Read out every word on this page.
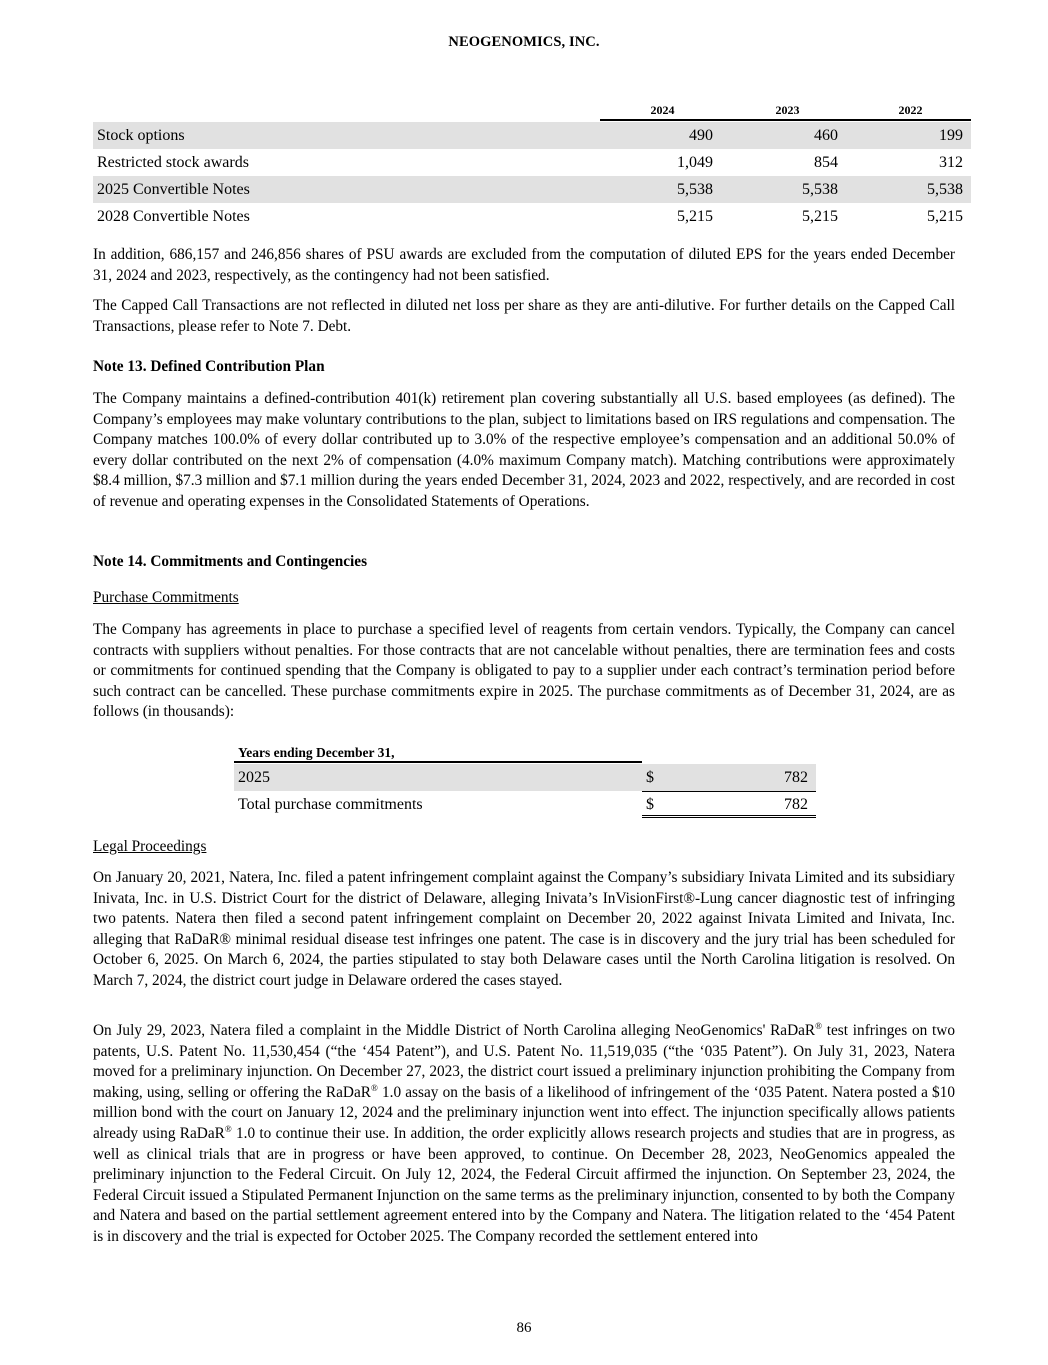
NEOGENOMICS, INC.
2024	2023	2022
Stock options	490	460	199
Restricted stock awards	1,049	854	312
2025 Convertible Notes	5,538	5,538	5,538
2028 Convertible Notes	5,215	5,215	5,215

In addition, 686,157 and 246,856 shares of PSU awards are excluded from the computation of diluted EPS for the years ended December 31, 2024 and 2023, respectively, as the contingency had not been satisfied.

The Capped Call Transactions are not reflected in diluted net loss per share as they are anti-dilutive. For further details on the Capped Call Transactions, please refer to Note 7. Debt.

Note 13. Defined Contribution Plan

The Company maintains a defined-contribution 401(k) retirement plan covering substantially all U.S. based employees (as defined). The Company’s employees may make voluntary contributions to the plan, subject to limitations based on IRS regulations and compensation. The Company matches 100.0% of every dollar contributed up to 3.0% of the respective employee’s compensation and an additional 50.0% of every dollar contributed on the next 2% of compensation (4.0% maximum Company match). Matching contributions were approximately $8.4 million, $7.3 million and $7.1 million during the years ended December 31, 2024, 2023 and 2022, respectively, and are recorded in cost of revenue and operating expenses in the Consolidated Statements of Operations.

Note 14. Commitments and Contingencies
Purchase Commitments

The Company has agreements in place to purchase a specified level of reagents from certain vendors. Typically, the Company can cancel contracts with suppliers without penalties. For those contracts that are not cancelable without penalties, there are termination fees and costs or commitments for continued spending that the Company is obligated to pay to a supplier under each contract’s termination period before such contract can be cancelled. These purchase commitments expire in 2025. The purchase commitments as of December 31, 2024, are as follows (in thousands):

Years ending December 31,
2025	$	782
Total purchase commitments	$	782
Legal Proceedings

On January 20, 2021, Natera, Inc. filed a patent infringement complaint against the Company’s subsidiary Inivata Limited and its subsidiary Inivata, Inc. in U.S. District Court for the district of Delaware, alleging Inivata’s InVisionFirst®-Lung cancer diagnostic test of infringing two patents. Natera then filed a second patent infringement complaint on December 20, 2022 against Inivata Limited and Inivata, Inc. alleging that RaDaR® minimal residual disease test infringes one patent. The case is in discovery and the jury trial has been scheduled for October 6, 2025. On March 6, 2024, the parties stipulated to stay both Delaware cases until the North Carolina litigation is resolved. On March 7, 2024, the district court judge in Delaware ordered the cases stayed.

On July 29, 2023, Natera filed a complaint in the Middle District of North Carolina alleging NeoGenomics' RaDaR® test infringes on two patents, U.S. Patent No. 11,530,454 (“the ‘454 Patent”), and U.S. Patent No. 11,519,035 (“the ‘035 Patent”). On July 31, 2023, Natera moved for a preliminary injunction. On December 27, 2023, the district court issued a preliminary injunction prohibiting the Company from making, using, selling or offering the RaDaR® 1.0 assay on the basis of a likelihood of infringement of the ‘035 Patent. Natera posted a $10 million bond with the court on January 12, 2024 and the preliminary injunction went into effect. The injunction specifically allows patients already using RaDaR® 1.0 to continue their use. In addition, the order explicitly allows research projects and studies that are in progress, as well as clinical trials that are in progress or have been approved, to continue. On December 28, 2023, NeoGenomics appealed the preliminary injunction to the Federal Circuit. On July 12, 2024, the Federal Circuit affirmed the injunction. On September 23, 2024, the Federal Circuit issued a Stipulated Permanent Injunction on the same terms as the preliminary injunction, consented to by both the Company and Natera and based on the partial settlement agreement entered into by the Company and Natera. The litigation related to the ‘454 Patent is in discovery and the trial is expected for October 2025. The Company recorded the settlement entered into

86
